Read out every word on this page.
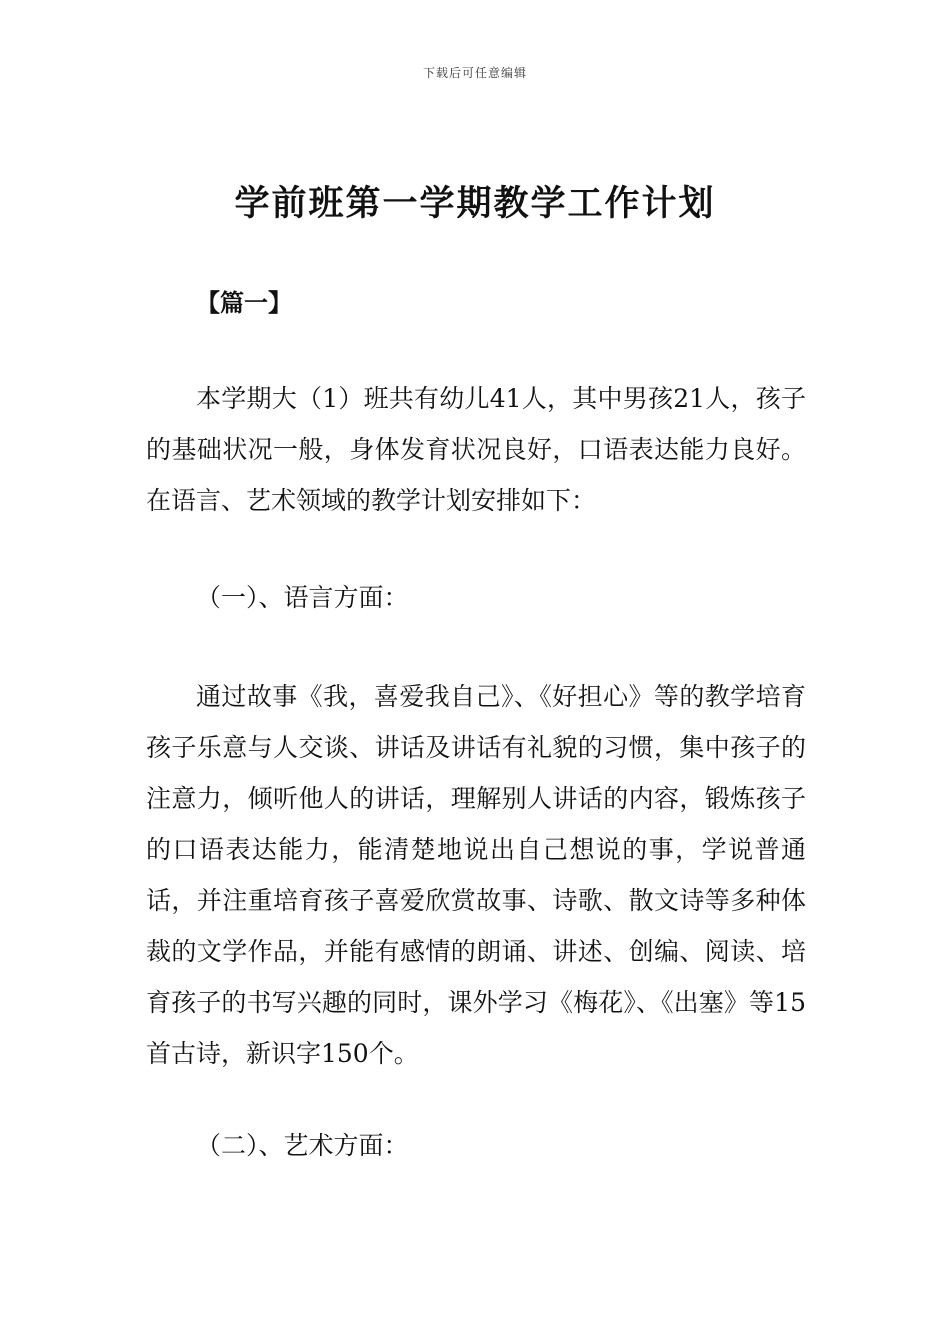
下载后可任意编辑
学前班第一学期教学工作计划
【篇一】

本学期大（1）班共有幼儿41人，其中男孩21人，孩子的基础状况一般，身体发育状况良好，口语表达能力良好。在语言、艺术领域的教学计划安排如下：

（一）、语言方面：

通过故事《我，喜爱我自己》、《好担心》等的教学培育孩子乐意与人交谈、讲话及讲话有礼貌的习惯，集中孩子的注意力，倾听他人的讲话，理解别人讲话的内容，锻炼孩子的口语表达能力，能清楚地说出自己想说的事，学说普通话，并注重培育孩子喜爱欣赏故事、诗歌、散文诗等多种体裁的文学作品，并能有感情的朗诵、讲述、创编、阅读、培育孩子的书写兴趣的同时，课外学习《梅花》、《出塞》等15首古诗，新识字150个。

（二）、艺术方面：
